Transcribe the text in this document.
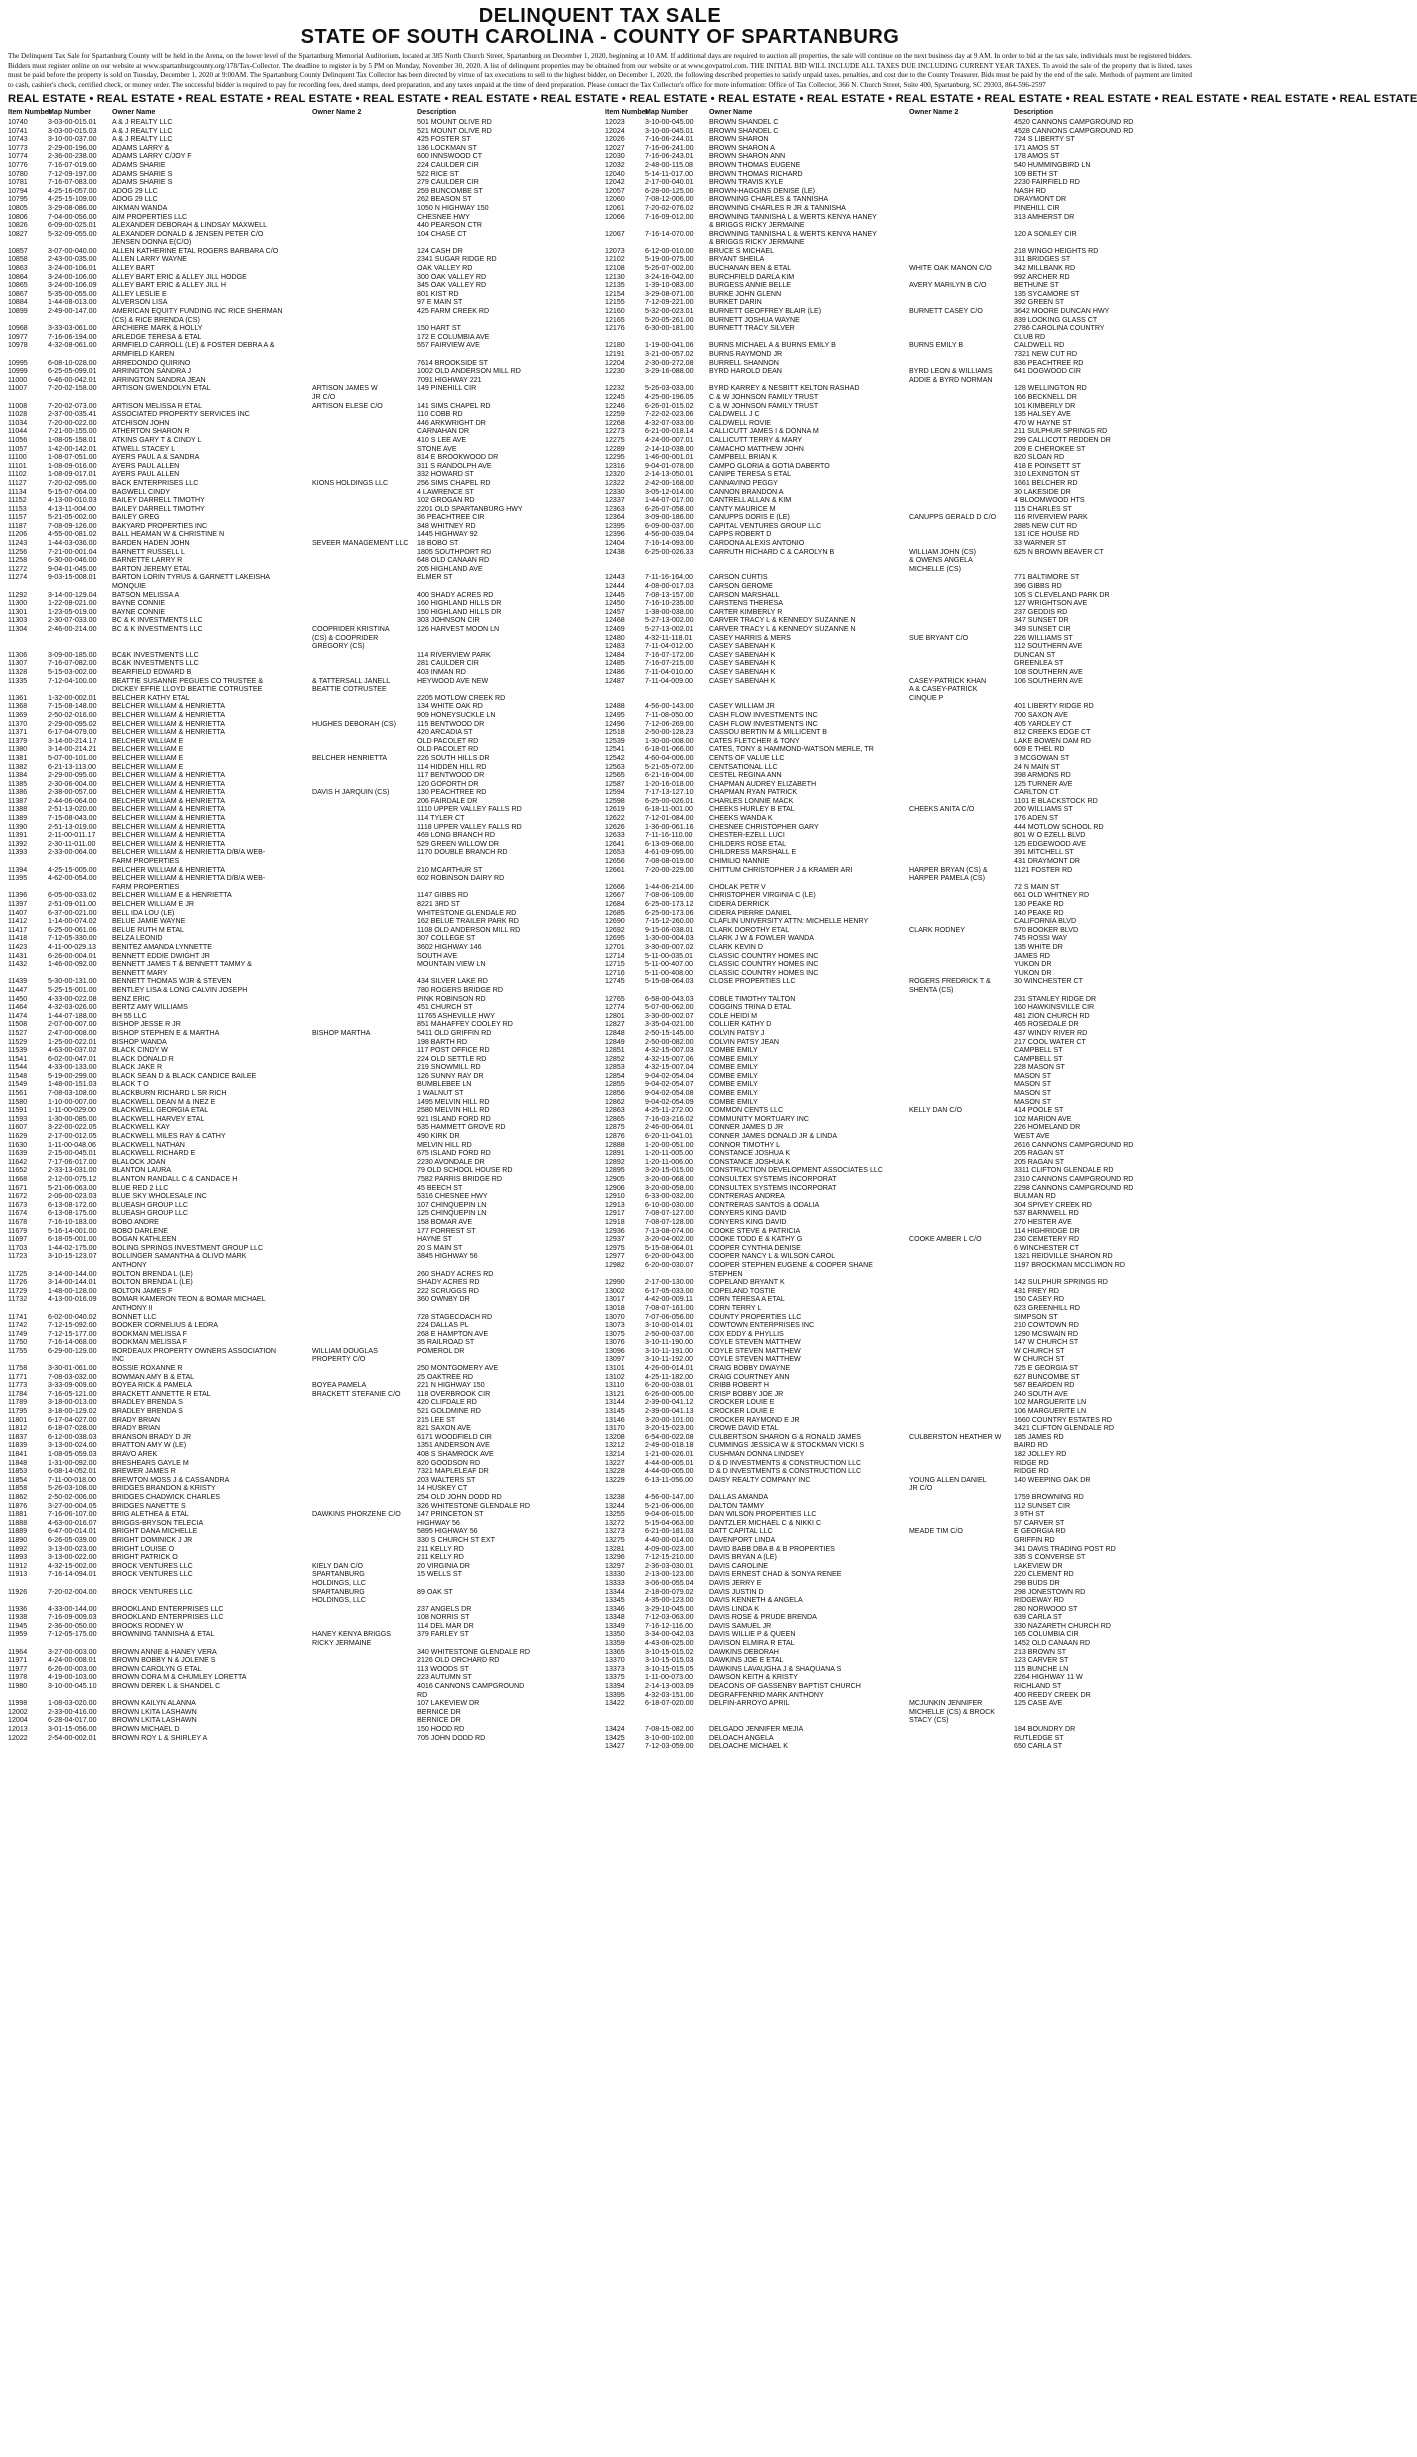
DELINQUENT TAX SALE
STATE OF SOUTH CAROLINA - COUNTY OF SPARTANBURG
The Delinquent Tax Sale for Spartanburg County will be held in the Arena, on the lower level of the Spartanburg Memorial Auditorium, located at 385 North Church Street, Spartanburg on December 1, 2020, beginning at 10 AM. If additional days are required to auction all properties, the sale will continue on the next business day at 9 AM. In order to bid at the tax sale, individuals must be registered bidders. Bidders must register online on our website at www.spartanburgcounty.org/178/Tax-Collector. The deadline to register is by 5 PM on Monday, November 30, 2020. A list of delinquent properties may be obtained from our website or at www.govpatrol.com. THE INITIAL BID WILL INCLUDE ALL TAXES DUE INCLUDING CURRENT YEAR TAXES. To avoid the sale of the property that is listed, taxes must be paid before the property is sold on Tuesday, December 1, 2020 at 9:00AM. The Spartanburg County Delinquent Tax Collector has been directed by virtue of tax executions to sell to the highest bidder, on December 1, 2020, the following described properties to satisfy unpaid taxes, penalties, and cost due to the County Treasurer. Bids must be paid by the end of the sale. Methods of payment are limited to cash, cashier's check, certified check, or money order. The successful bidder is required to pay for recording fees, deed stamps, deed preparation, and any taxes unpaid at the time of deed preparation. Please contact the Tax Collector's office for more information: Office of Tax Collector, 366 N. Church Street, Suite 400, Spartanburg, SC 29303, 864-596-2597
REAL ESTATE • REAL ESTATE • REAL ESTATE • REAL ESTATE • REAL ESTATE • REAL ESTATE • REAL ESTATE • REAL ESTATE • REAL ESTATE • REAL ESTATE • REAL ESTATE • REAL ESTATE • REAL ESTATE • REAL ESTATE • REAL ESTATE • REAL ESTATE
Item Number
Map Number	Owner Name	Owner Name 2	Description
10740	3-03-00-015.01	A & J REALTY LLC	501 MOUNT OLIVE RD
10741	3-03-00-015.03	A & J REALTY LLC	521 MOUNT OLIVE RD
10743	3-10-00-037.00	A & J REALTY LLC	425 FOSTER ST
10773	2-29-00-196.00	ADAMS LARRY &	136 LOCKMAN ST
10774	2-36-00-238.00	ADAMS LARRY C/JOY F	600 INNSWOOD CT
10776	7-16-07-019.00	ADAMS SHARIE	224 CAULDER CIR
10780	7-12-09-197.00	ADAMS SHARIE S	522 RICE ST
10781	7-16-07-083.00	ADAMS SHARIE S	279 CAULDER CIR
10794	4-25-16-057.00	ADOG 29 LLC	259 BUNCOMBE ST
10795	4-25-15-109.00	ADOG 29 LLC	262 BEASON ST
10805	3-29-08-086.00	AIKMAN WANDA	1050 N HIGHWAY 150
10806	7-04-00-056.00	AIM PROPERTIES LLC	CHESNEE HWY
10826	6-09-00-025.01	ALEXANDER DEBORAH & LINDSAY MAXWELL	440 PEARSON CTR
10827	5-32-09-055.00	ALEXANDER DONALD & JENSEN PETER C/O	104 CHASE CT
JENSEN DONNA E(C/O)
10857	3-07-00-040.00	ALLEN KATHERINE ETAL ROGERS BARBARA C/O	124 CASH DR
10858	2-43-00-035.00	ALLEN LARRY WAYNE	2341 SUGAR RIDGE RD
10863	3-24-00-106.01	ALLEY BART	OAK VALLEY RD
10864	3-24-00-106.00	ALLEY BART ERIC & ALLEY JILL HODGE	300 OAK VALLEY RD
10865	3-24-00-106.09	ALLEY BART ERIC & ALLEY JILL H	345 OAK VALLEY RD
10867	5-35-00-055.00	ALLEY LESLIE E	801 KIST RD
10884	1-44-08-013.00	ALVERSON LISA	97 E MAIN ST
10899	2-49-00-147.00	AMERICAN EQUITY FUNDING INC RICE SHERMAN	425 FARM CREEK RD
(CS) & RICE BRENDA (CS)
10968	3-33-03-061.00	ARCHIERE MARK & HOLLY	150 HART ST
10977	7-16-06-194.00	ARLEDGE TERESA & ETAL	172 E COLUMBIA AVE
10978	4-32-08-061.00	ARMFIELD CARROLL (LE) & FOSTER DEBRA A &	557 FAIRVIEW AVE
ARMFIELD KAREN
10995	6-08-10-028.00	ARREDONDO QUIRINO	7614 BROOKSIDE ST
10999	6-25-05-099.01	ARRINGTON SANDRA J	1002 OLD ANDERSON MILL RD
11000	6-46-00-042.01	ARRINGTON SANDRA JEAN	7091 HIGHWAY 221
11007	7-20-02-158.00	ARTISON GWENDOLYN ETAL	ARTISON JAMES W	149 PINEHILL CIR
JR C/O
11008	7-20-02-073.00	ARTISON MELISSA R ETAL	ARTISON ELESE C/O	141 SIMS CHAPEL RD
11028	2-37-00-035.41	ASSOCIATED PROPERTY SERVICES INC	110 COBB RD
11034	7-20-00-022.00	ATCHISON JOHN	446 ARKWRIGHT DR
11044	7-21-00-155.00	ATHERTON SHARON R	CARNAHAN DR
11056	1-08-05-158.01	ATKINS GARY T & CINDY L	410 S LEE AVE
11057	1-42-00-142.01	ATWELL STACEY L	STONE AVE
11100	1-08-07-051.00	AYERS PAUL A & SANDRA	814 E BROOKWOOD DR
11101	1-08-09-016.00	AYERS PAUL ALLEN	311 S RANDOLPH AVE
11102	1-08-09-017.01	AYERS PAUL ALLEN	332 HOWARD ST
11127	7-20-02-095.00	BACK ENTERPRISES LLC	KIONS HOLDINGS LLC	256 SIMS CHAPEL RD
11134	5-15-07-064.00	BAGWELL CINDY	4 LAWRENCE ST
11152	4-13-00-010.03	BAILEY DARRELL TIMOTHY	102 GROGAN RD
11153	4-13-11-004.00	BAILEY DARRELL TIMOTHY	2201 OLD SPARTANBURG HWY
11157	5-21-05-002.00	BAILEY GREG	36 PEACHTREE CIR
11187	7-08-09-126.00	BAKYARD PROPERTIES INC	348 WHITNEY RD
11206	4-55-00-081.02	BALL HEAMAN W & CHRISTINE N	1445 HIGHWAY 92
11243	1-44-03-036.00	BARDEN HADEN JOHN	SEVEER MANAGEMENT LLC	18 BOBO ST
11256	7-21-00-001.04	BARNETT RUSSELL L	1805 SOUTHPORT RD
11258	6-30-00-046.00	BARNETTE LARRY R	648 OLD CANAAN RD
11272	9-04-01-045.00	BARTON JEREMY ETAL	205 HIGHLAND AVE
11274	9-03-15-008.01	BARTON LORIN TYRUS & GARNETT LAKEISHA	ELMER ST
MONQUIE
11292	3-14-00-129.04	BATSON MELISSA A	400 SHADY ACRES RD
11300	1-22-08-021.00	BAYNE CONNIE	160 HIGHLAND HILLS DR
11301	1-23-05-019.00	BAYNE CONNIE	150 HIGHLAND HILLS DR
11303	2-30-07-033.00	BC & K INVESTMENTS LLC	303 JOHNSON CIR
11304	2-46-00-214.00	BC & K INVESTMENTS LLC	COOPRIDER KRISTINA	126 HARVEST MOON LN
(CS) & COOPRIDER
GREGORY (CS)
11306	3-09-00-185.00	BC&K INVESTMENTS LLC	114 RIVERVIEW PARK
11307	7-16-07-082.00	BC&K INVESTMENTS LLC	281 CAULDER CIR
11328	5-15-03-002.00	BEARFIELD EDWARD B	403 INMAN RD
11335	7-12-04-100.00	BEATTIE SUSANNE PEGUES CO TRUSTEE &	& TATTERSALL JANELL	HEYWOOD AVE NEW
DICKEY EFFIE LLOYD BEATTIE COTRUSTEE	BEATTIE COTRUSTEE
11361	1-32-00-002.01	BELCHER KATHY ETAL	2205 MOTLOW CREEK RD
11368	7-15-08-148.00	BELCHER WILLIAM & HENRIETTA	134 WHITE OAK RD
11369	2-50-02-016.00	BELCHER WILLIAM & HENRIETTA	909 HONEYSUCKLE LN
11370	2-29-00-095.02	BELCHER WILLIAM & HENRIETTA	HUGHES DEBORAH (CS)	115 BENTWOOD DR
11371	6-17-04-079.00	BELCHER WILLIAM & HENRIETTA	420 ARCADIA ST
11379	3-14-00-214.17	BELCHER WILLIAM E	OLD PACOLET RD
11380	3-14-00-214.21	BELCHER WILLIAM E	OLD PACOLET RD
11381	5-07-00-101.00	BELCHER WILLIAM E	BELCHER HENRIETTA	226 SOUTH HILLS DR
11382	6-21-13-113.00	BELCHER WILLIAM E	114 HIDDEN HILL RD
11384	2-29-00-095.00	BELCHER WILLIAM & HENRIETTA	117 BENTWOOD DR
11385	2-30-06-004.00	BELCHER WILLIAM & HENRIETTA	120 GOFORTH DR
11386	2-38-00-057.00	BELCHER WILLIAM & HENRIETTA	DAVIS H JARQUIN (CS)	130 PEACHTREE RD
11387	2-44-06-064.00	BELCHER WILLIAM & HENRIETTA	206 FAIRDALE DR
11388	2-51-13-020.00	BELCHER WILLIAM & HENRIETTA	1110 UPPER VALLEY FALLS RD
11389	7-15-08-043.00	BELCHER WILLIAM & HENRIETTA	114 TYLER CT
11390	2-51-13-019.00	BELCHER WILLIAM & HENRIETTA	1118 UPPER VALLEY FALLS RD
11391	2-11-00-011.17	BELCHER WILLIAM & HENRIETTA	469 LONG BRANCH RD
11392	2-30-11-011.00	BELCHER WILLIAM & HENRIETTA	529 GREEN WILLOW DR
11393	2-33-00-064.00	BELCHER WILLIAM & HENRIETTA D/B/A WEB-	1170 DOUBLE BRANCH RD
FARM PROPERTIES
11394	4-25-15-005.00	BELCHER WILLIAM & HENRIETTA	210 MCARTHUR ST
11395	4-62-00-054.00	BELCHER WILLIAM & HENRIETTA D/B/A WEB-	602 ROBINSON DAIRY RD
FARM PROPERTIES
11396	6-05-00-033.02	BELCHER WILLIAM E & HENRIETTA	1147 GIBBS RD
11397	2-51-09-011.00	BELCHER WILLIAM E JR	8221 3RD ST
11407	6-37-00-021.00	BELL IDA LOU (LE)	WHITESTONE GLENDALE RD
11412	1-14-00-074.02	BELUE JAMIE WAYNE	162 BELUE TRAILER PARK RD
11417	6-25-00-061.06	BELUE RUTH M ETAL	1108 OLD ANDERSON MILL RD
11418	7-12-05-330.00	BELZA LEONID	307 COLLEGE ST
11423	4-11-00-029.13	BENITEZ AMANDA LYNNETTE	3602 HIGHWAY 146
11431	6-26-00-004.01	BENNETT EDDIE DWIGHT JR	SOUTH AVE
11432	1-46-00-092.00	BENNETT JAMES T & BENNETT TAMMY &	MOUNTAIN VIEW LN
BENNETT MARY
11439	5-30-00-131.00	BENNETT THOMAS WJR & STEVEN	434 SILVER LAKE RD
11447	5-25-15-001.00	BENTLEY LISA & LONG CALVIN JOSEPH	780 ROGERS BRIDGE RD
11450	4-33-00-022.08	BENZ ERIC	PINK ROBINSON RD
11464	4-32-03-026.00	BERTZ AMY WILLIAMS	451 CHURCH ST
11474	1-44-07-188.00	BH 55 LLC	11765 ASHEVILLE HWY
11508	2-07-00-007.00	BISHOP JESSE R JR	851 MAHAFFEY COOLEY RD
11527	2-47-00-008.00	BISHOP STEPHEN E & MARTHA	BISHOP MARTHA	5411 OLD GRIFFIN RD
11529	1-25-00-022.01	BISHOP WANDA	198 BARTH RD
11539	4-63-00-037.02	BLACK CINDY W	117 POST OFFICE RD
11541	6-02-00-047.01	BLACK DONALD R	224 OLD SETTLE RD
11544	4-33-00-133.00	BLACK JAKE R	219 SNOWMILL RD
11548	5-19-00-299.00	BLACK SEAN D & BLACK CANDICE BAILEE	126 SUNNY RAY DR
11549	1-48-00-151.03	BLACK T O	BUMBLEBEE LN
11561	7-08-03-108.00	BLACKBURN RICHARD L SR RICH	1 WALNUT ST
11580	1-10-00-007.00	BLACKWELL DEAN M & INEZ E	1495 MELVIN HILL RD
11591	1-11-00-029.00	BLACKWELL GEORGIA ETAL	2580 MELVIN HILL RD
11593	1-30-00-085.00	BLACKWELL HARVEY ETAL	921 ISLAND FORD RD
11607	3-22-00-022.05	BLACKWELL KAY	535 HAMMETT GROVE RD
11629	2-17-00-012.05	BLACKWELL MILES RAY & CATHY	490 KIRK DR
11630	1-11-00-048.06	BLACKWELL NATHAN	MELVIN HILL RD
11639	2-15-00-045.01	BLACKWELL RICHARD E	675 ISLAND FORD RD
11642	7-17-06-017.00	BLALOCK JOAN	2230 AVONDALE DR
11652	2-33-13-031.00	BLANTON LAURA	79 OLD SCHOOL HOUSE RD
11668	2-12-00-075.12	BLANTON RANDALL C & CANDACE H	7582 PARRIS BRIDGE RD
11671	5-21-06-063.00	BLUE RED 2 LLC	45 BEECH ST
11672	2-06-00-023.03	BLUE SKY WHOLESALE INC	5316 CHESNEE HWY
11673	6-13-08-172.00	BLUEASH GROUP LLC	107 CHINQUEPIN LN
11674	6-13-08-175.00	BLUEASH GROUP LLC	125 CHINQUEPIN LN
11678	7-16-10-183.00	BOBO ANDRE	158 BOMAR AVE
11679	5-16-14-001.00	BOBO DARLENE	177 FORREST ST
11697	6-18-05-001.00	BOGAN KATHLEEN	HAYNE ST
11703	1-44-02-175.00	BOLING SPRINGS INVESTMENT GROUP LLC	20 S MAIN ST
11723	3-10-15-123.07	BOLLINGER SAMANTHA & OLIVO MARK	3845 HIGHWAY 56
ANTHONY
11725	3-14-00-144.00	BOLTON BRENDA L (LE)	260 SHADY ACRES RD
11726	3-14-00-144.01	BOLTON BRENDA L (LE)	SHADY ACRES RD
11729	1-48-00-128.00	BOLTON JAMES F	222 SCRUGGS RD
11732	4-13-00-016.09	BOMAR KAMERON TEON & BOMAR MICHAEL	360 OWNBY DR
ANTHONY II
11741	6-02-00-040.02	BONNET LLC	728 STAGECOACH RD
11742	7-12-15-092.00	BOOKER CORNELIUS & LEDRA	224 DALLAS PL
11749	7-12-15-177.00	BOOKMAN MELISSA F	268 E HAMPTON AVE
11750	7-16-14-068.00	BOOKMAN MELISSA F	35 RAILROAD ST
11755	6-29-00-129.00	BORDEAUX PROPERTY OWNERS ASSOCIATION	WILLIAM DOUGLAS	POMEROL DR
INC	PROPERTY C/O
11758	3-30-01-061.00	BOSSIE ROXANNE R	250 MONTGOMERY AVE
11771	7-08-03-032.00	BOWMAN AMY B & ETAL	25 OAKTREE RD
11773	3-33-09-009.00	BOYEA RICK & PAMELA	BOYEA PAMELA	221 N HIGHWAY 150
11784	7-16-05-121.00	BRACKETT ANNETTE R ETAL	BRACKETT STEFANIE C/O	118 OVERBROOK CIR
11789	3-18-00-013.00	BRADLEY BRENDA S	420 CLIFDALE RD
11795	3-18-00-129.02	BRADLEY BRENDA S	521 GOLDMINE RD
11801	6-17-04-027.00	BRADY BRIAN	215 LEE ST
11812	6-18-07-028.00	BRADY BRIAN	821 SAXON AVE
11837	6-12-00-038.03	BRANSON BRADY D JR	6171 WOODFIELD CIR
11839	3-13-00-024.00	BRATTON AMY W (LE)	1351 ANDERSON AVE
11841	1-08-05-059.03	BRAVO AREK	408 S SHAMROCK AVE
11848	1-31-00-092.00	BRESHEARS GAYLE M	820 GOODSON RD
11853	6-08-14-052.01	BREWER JAMES R	7321 MAPLELEAF DR
11854	7-11-00-018.00	BREWTON MOSS J & CASSANDRA	203 WALTERS ST
11858	5-26-03-108.00	BRIDGES BRANDON & KRISTY	14 HUSKEY CT
11862	2-50-02-006.00	BRIDGES CHADWICK CHARLES	254 OLD JOHN DODD RD
11876	3-27-00-004.05	BRIDGES NANETTE S	326 WHITESTONE GLENDALE RD
11881	7-16-06-107.00	BRIG ALETHEA & ETAL	DAWKINS PHORZENE C/O	147 PRINCETON ST
11888	4-63-00-016.07	BRIGGS-BRYSON TELECIA	HIGHWAY 56
11889	6-47-00-014.01	BRIGHT DANA MICHELLE	5895 HIGHWAY 56
11890	6-26-05-039.00	BRIGHT DOMINICK J JR	330 S CHURCH ST EXT
11892	3-13-00-023.00	BRIGHT LOUISE O	211 KELLY RD
11893	3-13-00-022.00	BRIGHT PATRICK O	211 KELLY RD
11912	4-32-15-002.00	BROCK VENTURES LLC	KIELY DAN C/O	20 VIRGINIA DR
11913	7-16-14-094.01	BROCK VENTURES LLC	SPARTANBURG	15 WELLS ST
HOLDINGS, LLC
11926	7-20-02-004.00	BROCK VENTURES LLC	SPARTANBURG	89 OAK ST
HOLDINGS, LLC
11936	4-33-00-144.00	BROOKLAND ENTERPRISES LLC	237 ANGELS DR
11938	7-16-09-009.03	BROOKLAND ENTERPRISES LLC	108 NORRIS ST
11945	2-36-00-050.00	BROOKS RODNEY W	114 DEL MAR DR
11959	7-12-05-175.00	BROWNING TANNISHA & ETAL	HANEY KENYA BRIGGS	379 FARLEY ST
RICKY JERMAINE
11964	3-27-00-003.00	BROWN ANNIE & HANEY VERA	340 WHITESTONE GLENDALE RD
11971	4-24-00-008.01	BROWN BOBBY N & JOLENE S	2126 OLD ORCHARD RD
11977	6-26-00-003.00	BROWN CAROLYN G ETAL	113 WOODS ST
11978	4-19-00-103.00	BROWN CORA M & CHUMLEY LORETTA	223 AUTUMN ST
11980	3-10-00-045.10	BROWN DEREK L & SHANDEL C	4016 CANNONS CAMPGROUND
RD
11998	1-08-03-020.00	BROWN KAILYN ALANNA	107 LAKEVIEW DR
12002	2-33-00-416.00	BROWN LKITA LASHAWN	BERNICE DR
12004	6-28-04-017.00	BROWN LKITA LASHAWN	BERNICE DR
12013	3-01-15-056.00	BROWN MICHAEL D	150 HOOD RD
12022	2-54-00-002.01	BROWN ROY L & SHIRLEY A	705 JOHN DODD RD
Item Number
Map Number	Owner Name	Owner Name 2	Description
12023	3-10-00-045.00	BROWN SHANDEL C	4520 CANNONS CAMPGROUND RD
12024	3-10-00-045.01	BROWN SHANDEL C	4528 CANNONS CAMPGROUND RD
12026	7-16-06-244.01	BROWN SHARON	724 S LIBERTY ST
12027	7-16-06-241.00	BROWN SHARON A	171 AMOS ST
12030	7-16-06-243.01	BROWN SHARON ANN	178 AMOS ST
12032	2-48-00-115.08	BROWN THOMAS EUGENE	540 HUMMINGBIRD LN
12040	5-14-11-017.00	BROWN THOMAS RICHARD	109 BETH ST
12042	2-17-00-040.01	BROWN TRAVIS KYLE	2230 FAIRFIELD RD
12057	6-28-00-125.00	BROWN-HAGGINS DENISE (LE)	NASH RD
12060	7-08-12-006.00	BROWNING CHARLES & TANNISHA	DRAYMONT DR
12061	7-20-02-076.02	BROWNING CHARLES R JR & TANNISHA	PINEHILL CIR
12066	7-16-09-012.00	BROWNING TANNISHA L & WERTS KENYA HANEY	313 AMHERST DR
& BRIGGS RICKY JERMAINE
12067	7-16-14-070.00	BROWNING TANNISHA L & WERTS KENYA HANEY	120 A SONLEY CIR
& BRIGGS RICKY JERMAINE
12073	6-12-00-010.00	BRUCE S MICHAEL	218 WINGO HEIGHTS RD
12102	5-19-00-075.00	BRYANT SHEILA	311 BRIDGES ST
12108	5-26-07-002.00	BUCHANAN BEN & ETAL	WHITE OAK MANON C/O	342 MILLBANK RD
12130	3-24-16-042.00	BURCHFIELD DARLA KIM	992 ARCHER RD
12135	1-39-10-083.00	BURGESS ANNIE BELLE	AVERY MARILYN B C/O	BETHUNE ST
12154	3-29-08-071.00	BURKE JOHN GLENN	135 SYCAMORE ST
12155	7-12-09-221.00	BURKET DARIN	392 GREEN ST
12160	5-32-00-023.01	BURNETT GEOFFREY BLAIR (LE)	BURNETT CASEY C/O	3642 MOORE DUNCAN HWY
12165	5-20-05-261.00	BURNETT JOSHUA WAYNE	839 LOOKING GLASS CT
12176	6-30-00-181.00	BURNETT TRACY SILVER	2786 CAROLINA COUNTRY
CLUB RD
12180	1-19-00-041.06	BURNS MICHAEL A & BURNS EMILY B	BURNS EMILY B	CALDWELL RD
12191	3-21-00-057.02	BURNS RAYMOND JR	7321 NEW CUT RD
12204	2-30-00-272.08	BURRELL SHANNON	836 PEACHTREE RD
12230	3-29-16-088.00	BYRD HAROLD DEAN	BYRD LEON & WILLIAMS	641 DOGWOOD CIR
ADDIE & BYRD NORMAN
12232	5-26-03-033.00	BYRD KARREY & NESBITT KELTON RASHAD	128 WELLINGTON RD
12245	4-25-00-196.05	C & W JOHNSON FAMILY TRUST	166 BECKNELL DR
12246	6-26-01-015.02	C & W JOHNSON FAMILY TRUST	101 KIMBERLY DR
12259	7-22-02-023.06	CALDWELL J C	135 HALSEY AVE
12268	4-32-07-033.00	CALDWELL ROVIE	470 W HAYNE ST
12273	6-21-00-018.14	CALLICUTT JAMES I & DONNA M	211 SULPHUR SPRINGS RD
12275	4-24-00-007.01	CALLICUTT TERRY & MARY	299 CALLICOTT REDDEN DR
12289	2-14-10-038.00	CAMACHO MATTHEW JOHN	209 E CHEROKEE ST
12295	1-46-00-001.01	CAMPBELL BRIAN K	820 SLOAN RD
12316	9-04-01-078.00	CAMPO GLORIA & GOTIA DABERTO	418 E POINSETT ST
12320	2-14-13-050.01	CANIPE TERESA S ETAL	310 LEXINGTON ST
12322	2-42-00-168.00	CANNAVINO PEGGY	1661 BELCHER RD
12330	3-05-12-014.00	CANNON BRANDON A	30 LAKESIDE DR
12337	1-44-07-017.00	CANTRELL ALLAN & KIM	4 BLOOMWOOD HTS
12363	6-26-07-058.00	CANTY MAURICE M	115 CHARLES ST
12364	3-09-00-186.00	CANUPPS DORIS E (LE)	CANUPPS GERALD D C/O	116 RIVERVIEW PARK
12395	6-09-00-037.00	CAPITAL VENTURES GROUP LLC	2885 NEW CUT RD
12396	4-56-00-039.04	CAPPS ROBERT D	131 ICE HOUSE RD
12404	7-16-14-093.00	CARDONA ALEXIS ANTONIO	33 WARNER ST
12438	6-25-00-026.33	CARRUTH RICHARD C & CAROLYN B	WILLIAM JOHN (CS)	625 N BROWN BEAVER CT
& OWENS ANGELA
MICHELLE (CS)
12443	7-11-16-164.00	CARSON CURTIS	771 BALTIMORE ST
12444	4-08-00-017.03	CARSON GEROME	396 GIBBS RD
12445	7-08-13-157.00	CARSON MARSHALL	105 S CLEVELAND PARK DR
12450	7-16-10-235.00	CARSTENS THERESA	127 WRIGHTSON AVE
12457	1-38-00-038.00	CARTER KIMBERLY R	237 GEDDIS RD
12468	5-27-13-002.00	CARVER TRACY L & KENNEDY SUZANNE N	347 SUNSET DR
12469	5-27-13-002.01	CARVER TRACY L & KENNEDY SUZANNE N	349 SUNSET CIR
12480	4-32-11-118.01	CASEY HARRIS & MERS	SUE BRYANT C/O	226 WILLIAMS ST
12483	7-11-04-012.00	CASEY SABENAH K	112 SOUTHERN AVE
12484	7-16-07-172.00	CASEY SABENAH K	DUNCAN ST
12485	7-16-07-215.00	CASEY SABENAH K	GREENLEA ST
12486	7-11-04-010.00	CASEY SABENAH K	108 SOUTHERN AVE
12487	7-11-04-009.00	CASEY SABENAH K	CASEY-PATRICK KHAN	106 SOUTHERN AVE
A & CASEY-PATRICK
CINQUE P
12488	4-56-00-143.00	CASEY WILLIAM JR	401 LIBERTY RIDGE RD
12495	7-11-08-050.00	CASH FLOW INVESTMENTS INC	700 SAXON AVE
12496	7-12-06-269.00	CASH FLOW INVESTMENTS INC	405 YARDLEY CT
12518	2-50-00-128.23	CASSOU BERTIN M & MILLICENT B	812 CREEKS EDGE CT
12539	1-30-00-008.00	CATES FLETCHER & TONY	LAKE BOWEN DAM RD
12541	6-18-01-066.00	CATES, TONY & HAMMOND-WATSON MERLE, TR	609 E THEL RD
12542	4-60-04-006.00	CENTS OF VALUE LLC	3 MCGOWAN ST
12563	5-21-05-072.00	CENTSATIONAL LLC	24 N MAIN ST
12565	6-21-16-004.00	CESTEL REGINA ANN	398 ARMONS RD
12587	1-20-16-018.00	CHAPMAN AUDREY ELIZABETH	125 TURNER AVE
12594	7-17-13-127.10	CHAPMAN RYAN PATRICK	CARLTON CT
12598	6-25-00-026.01	CHARLES LONNIE MACK	1101 E BLACKSTOCK RD
12619	6-18-11-001.00	CHEEKS HURLEY B ETAL	CHEEKS ANITA C/O	200 WILLIAMS ST
12622	7-12-01-084.00	CHEEKS WANDA K	176 ADEN ST
12626	1-36-00-061.16	CHESNEE CHRISTOPHER GARY	444 MOTLOW SCHOOL RD
12633	7-11-16-110.00	CHESTER-EZELL LUCI	801 W O EZELL BLVD
12641	6-13-09-068.00	CHILDERS ROSE ETAL	125 EDGEWOOD AVE
12653	4-61-09-095.00	CHILDRESS MARSHALL E	391 MITCHELL ST
12656	7-08-08-019.00	CHIMILIO NANNIE	431 DRAYMONT DR
12661	7-20-00-229.00	CHITTUM CHRISTOPHER J & KRAMER ARI	HARPER BRYAN (CS) &	1121 FOSTER RD
HARPER PAMELA (CS)
12666	1-44-06-214.00	CHOLAK PETR V	72 S MAIN ST
12667	7-08-06-109.00	CHRISTOPHER VIRGINIA C (LE)	661 OLD WHITNEY RD
12684	6-25-00-173.12	CIDERA DERRICK	130 PEAKE RD
12685	6-25-00-173.06	CIDERA PIERRE DANIEL	140 PEAKE RD
12690	7-15-12-260.00	CLAFLIN UNIVERSITY ATTN: MICHELLE HENRY	CALIFORNIA BLVD
12692	9-15-06-038.01	CLARK DOROTHY ETAL	CLARK RODNEY	570 BOOKER BLVD
12695	1-30-00-004.03	CLARK J W & FOWLER WANDA	745 ROSSI WAY
12701	3-30-00-007.02	CLARK KEVIN D	135 WHITE DR
12714	5-11-00-035.01	CLASSIC COUNTRY HOMES INC	JAMES RD
12715	5-11-00-407.00	CLASSIC COUNTRY HOMES INC	YUKON DR
12716	5-11-00-408.00	CLASSIC COUNTRY HOMES INC	YUKON DR
12745	5-15-08-064.03	CLOSE PROPERTIES LLC	ROGERS FREDRICK T &	30 WINCHESTER CT
SHENTA (CS)
12765	6-58-00-043.03	COBLE TIMOTHY TALTON	231 STANLEY RIDGE DR
12774	5-07-00-062.00	COGGINS TRINA D ETAL	160 HAWKINSVILLE CIR
12801	3-30-00-002.07	COLE HEIDI M	481 ZION CHURCH RD
12827	3-35-04-021.00	COLLIER KATHY D	465 ROSEDALE DR
12848	2-50-15-145.00	COLVIN PATSY J	437 WINDY RIVER RD
12849	2-50-00-082.00	COLVIN PATSY JEAN	217 COOL WATER CT
12851	4-32-15-007.03	COMBE EMILY	CAMPBELL ST
12852	4-32-15-007.06	COMBE EMILY	CAMPBELL ST
12853	4-32-15-007.04	COMBE EMILY	228 MASON ST
12854	9-04-02-054.04	COMBE EMILY	MASON ST
12855	9-04-02-054.07	COMBE EMILY	MASON ST
12856	9-04-02-054.08	COMBE EMILY	MASON ST
12862	9-04-02-054.09	COMBE EMILY	MASON ST
12863	4-25-11-272.00	COMMON CENTS LLC	KELLY DAN C/O	414 POOLE ST
12865	7-16-03-216.02	COMMUNITY MORTUARY INC	102 MARION AVE
12875	2-46-00-064.01	CONNER JAMES D JR	226 HOMELAND DR
12876	6-20-11-041.01	CONNER JAMES DONALD JR & LINDA	WEST AVE
12888	1-20-00-051.00	CONNOR TIMOTHY L	2616 CANNONS CAMPGROUND RD
12891	1-20-11-005.00	CONSTANCE JOSHUA K	205 RAGAN ST
12892	1-20-11-006.00	CONSTANCE JOSHUA K	205 RAGAN ST
12895	3-20-15-015.00	CONSTRUCTION DEVELOPMENT ASSOCIATES LLC	3311 CLIFTON GLENDALE RD
12905	3-20-00-068.00	CONSULTEX SYSTEMS INCORPORAT	2310 CANNONS CAMPGROUND RD
12906	3-20-00-058.00	CONSULTEX SYSTEMS INCORPORAT	2298 CANNONS CAMPGROUND RD
12910	6-33-00-032.00	CONTRERAS ANDREA	BULMAN RD
12913	6-10-00-030.00	CONTRERAS SANTOS & ODALIA	304 SPIVEY CREEK RD
12917	7-08-07-127.00	CONYERS KING DAVID	537 BARNWELL RD
12918	7-08-07-128.00	CONYERS KING DAVID	270 HESTER AVE
12936	7-13-08-074.00	COOKE STEVE & PATRICIA	114 HIGHRIDGE DR
12937	3-20-04-002.00	COOKE TODD E & KATHY G	COOKE AMBER L C/O	230 CEMETERY RD
12975	5-15-08-064.01	COOPER CYNTHIA DENISE	6 WINCHESTER CT
12977	6-20-00-043.00	COOPER NANCY L & WILSON CAROL	1321 REIDVILLE SHARON RD
12982	6-20-00-030.07	COOPER STEPHEN EUGENE & COOPER SHANE	1197 BROCKMAN MCCLIMON RD
STEPHEN
12990	2-17-00-130.00	COPELAND BRYANT K	142 SULPHUR SPRINGS RD
13002	6-17-05-033.00	COPELAND TOSTIE	431 FREY RD
13017	4-42-00-009.11	CORN TERESA A ETAL	150 CASEY RD
13018	7-08-07-161.00	CORN TERRY L	623 GREENHILL RD
13070	7-07-06-056.00	COUNTY PROPERTIES LLC	SIMPSON ST
13073	3-10-00-014.01	COWTOWN ENTERPRISES INC	210 COWTOWN RD
13075	2-50-00-037.00	COX EDDY & PHYLLIS	1290 MCSWAIN RD
13076	3-10-11-190.00	COYLE STEVEN MATTHEW	147 W CHURCH ST
13096	3-10-11-191.00	COYLE STEVEN MATTHEW	W CHURCH ST
13097	3-10-11-192.00	COYLE STEVEN MATTHEW	W CHURCH ST
13101	4-26-00-014.01	CRAIG BOBBY DWAYNE	725 E GEORGIA ST
13102	4-25-11-182.00	CRAIG COURTNEY ANN	627 BUNCOMBE ST
13110	6-20-00-038.01	CRIBB ROBERT H	587 BEARDEN RD
13121	6-26-00-005.00	CRISP BOBBY JOE JR	240 SOUTH AVE
13144	2-39-00-041.12	CROCKER LOUIE E	102 MARGUERITE LN
13145	2-39-00-041.13	CROCKER LOUIE E	106 MARGUERITE LN
13146	3-20-00-101.00	CROCKER RAYMOND E JR	1660 COUNTRY ESTATES RD
13170	3-20-15-023.00	CROWE DAVID ETAL	3421 CLIFTON GLENDALE RD
13208	6-54-00-022.08	CULBERTSON SHARON G & RONALD JAMES	CULBERSTON HEATHER W	185 JAMES RD
13212	2-49-00-018.18	CUMMINGS JESSICA W & STOCKMAN VICKI S	BAIRD RD
13214	1-21-00-026.01	CUSHMAN DONNA LINDSEY	182 JOLLEY RD
13227	4-44-00-005.01	D & D INVESTMENTS & CONSTRUCTION LLC	RIDGE RD
13228	4-44-00-005.00	D & D INVESTMENTS & CONSTRUCTION LLC	RIDGE RD
13229	6-13-11-056.00	DAISY REALTY COMPANY INC	YOUNG ALLEN DANIEL	140 WEEPING OAK DR
JR C/O
13238	4-56-00-147.00	DALLAS AMANDA	1759 BROWNING RD
13244	5-21-06-006.00	DALTON TAMMY	112 SUNSET CIR
13255	9-04-06-015.00	DAN WILSON PROPERTIES LLC	3 9TH ST
13272	5-15-04-063.00	DANTZLER MICHAEL C & NIKKI C	57 CARVER ST
13273	6-21-00-181.03	DATT CAPITAL LLC	MEADE TIM C/O	E GEORGIA RD
13275	4-40-00-014.00	DAVENPORT LINDA	GRIFFIN RD
13281	4-09-00-023.00	DAVID BABB DBA B & B PROPERTIES	341 DAVIS TRADING POST RD
13296	7-12-15-210.00	DAVIS BRYAN A (LE)	335 S CONVERSE ST
13297	2-36-03-030.01	DAVIS CAROLINE	LAKEVIEW DR
13330	2-13-00-123.00	DAVIS ERNEST CHAD & SONYA RENEE	220 CLEMENT RD
13333	3-06-00-055.04	DAVIS JERRY E	298 BUDS DR
13344	2-18-00-079.02	DAVIS JUSTIN D	298 JONESTOWN RD
13345	4-35-00-123.00	DAVIS KENNETH & ANGELA	RIDGEWAY RD
13346	3-29-10-045.00	DAVIS LINDA K	280 NORWOOD ST
13348	7-12-03-063.00	DAVIS ROSE & PRUDE BRENDA	639 CARLA ST
13349	7-16-12-116.00	DAVIS SAMUEL JR	330 NAZARETH CHURCH RD
13350	3-34-00-042.03	DAVIS WILLIE P & QUEEN	165 COLUMBIA CIR
13359	4-43-06-025.00	DAVISON ELMIRA R ETAL	1452 OLD CANAAN RD
13365	3-10-15-015.02	DAWKINS DEBORAH	213 BROWN ST
13370	3-10-15-015.03	DAWKINS JOE E ETAL	123 CARVER ST
13373	3-10-15-015.05	DAWKINS LAVAUGHA J & SHAQUANA S	115 BUNCHE LN
13375	1-11-00-073.00	DAWSON KEITH & KRISTY	2264 HIGHWAY 11 W
13394	2-14-13-003.09	DEACONS OF GASSENBY BAPTIST CHURCH	RICHLAND ST
13395	4-32-03-151.00	DEGRAFFENRID MARK ANTHONY	400 REEDY CREEK DR
13422	6-18-07-020.00	DELFIN-ARROYO APRIL	MCJUNKIN JENNIFER	125 CASE AVE
MICHELLE (CS) & BROCK
STACY (CS)
13424	7-08-15-082.00	DELGADO JENNIFER MEJIA	184 BOUNDRY DR
13425	3-10-00-102.00	DELOACH ANGELA	RUTLEDGE ST
13427	7-12-03-059.00	DELOACHE MICHAEL K	650 CARLA ST
